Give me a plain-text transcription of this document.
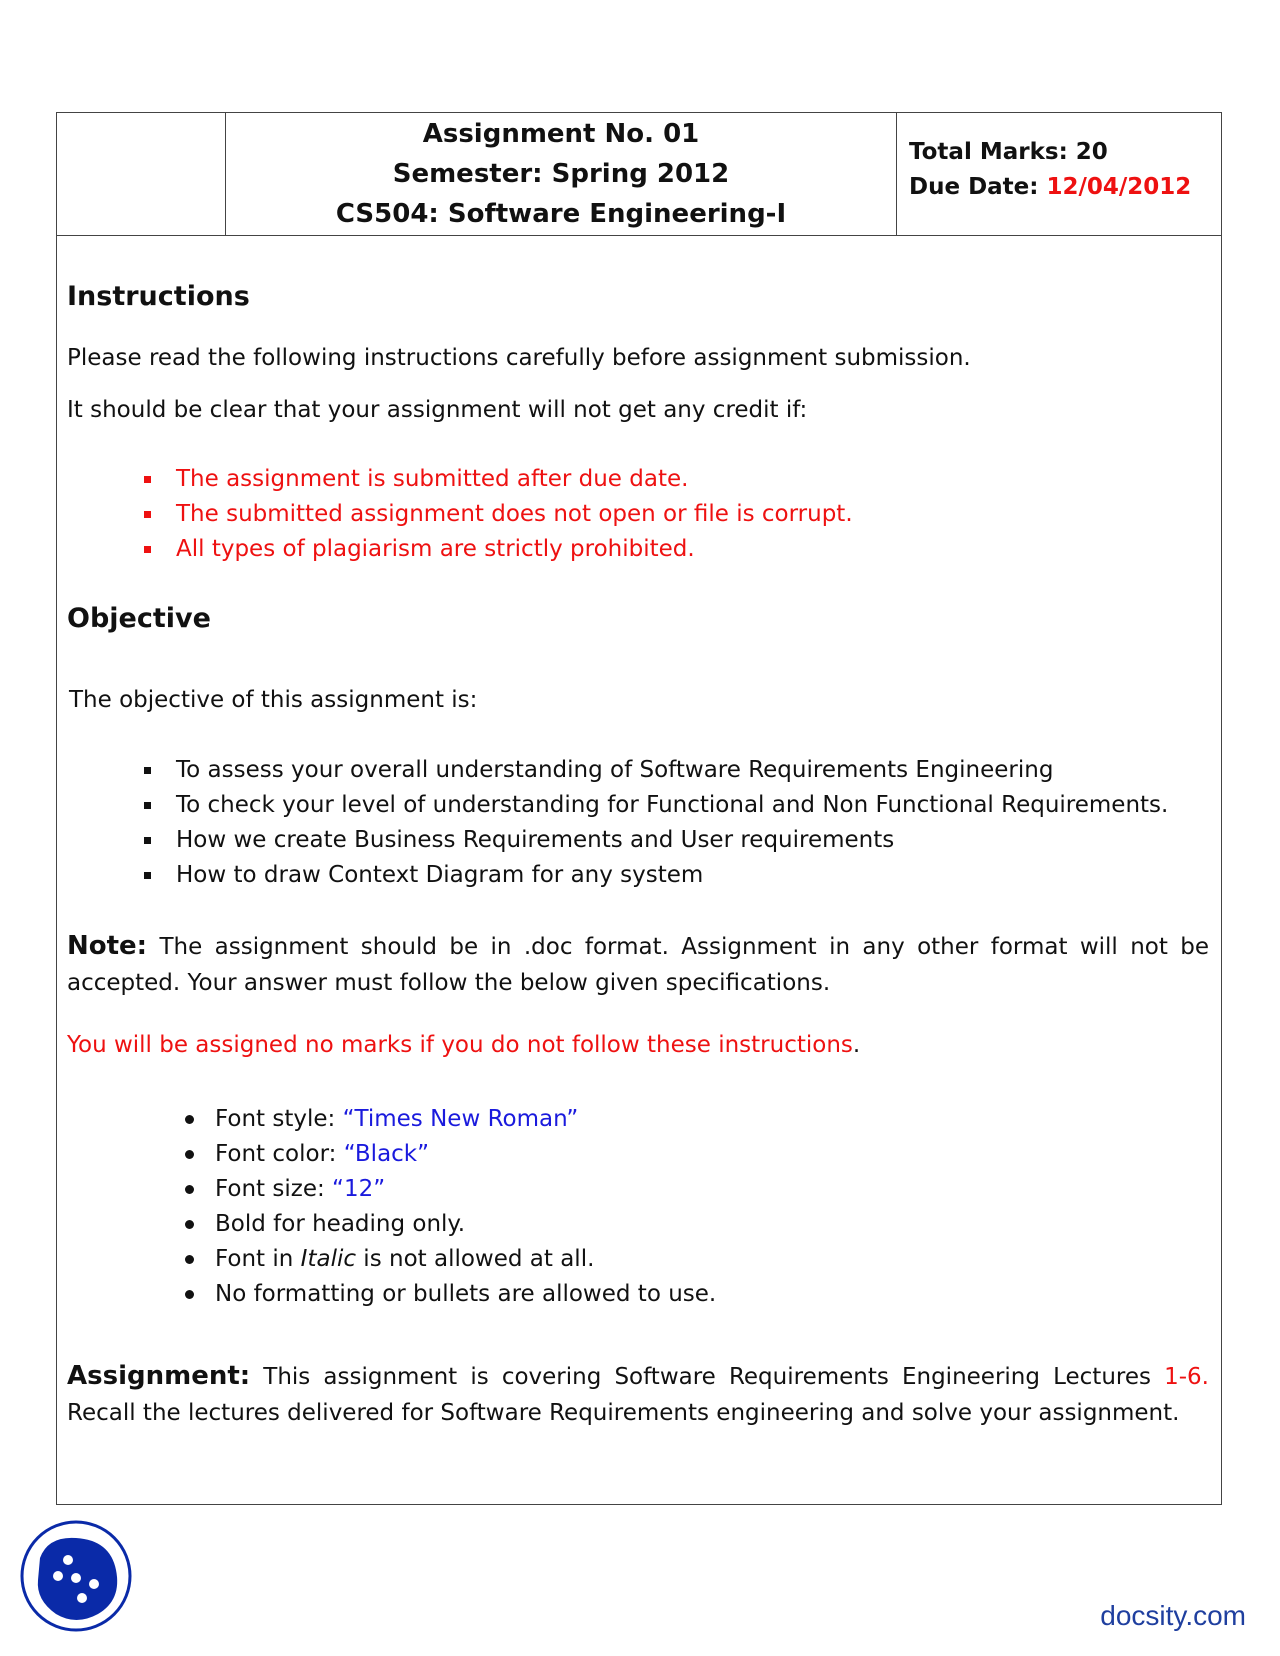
Assignment No. 01
Semester: Spring 2012
CS504: Software Engineering-I
Total Marks: 20
Due Date: 12/04/2012
Instructions
Please read the following instructions carefully before assignment submission.
It should be clear that your assignment will not get any credit if:
The assignment is submitted after due date.
The submitted assignment does not open or file is corrupt.
All types of plagiarism are strictly prohibited.
Objective
The objective of this assignment is:
To assess your overall understanding of Software Requirements Engineering
To check your level of understanding for Functional and Non Functional Requirements.
How we create Business Requirements and User requirements
How to draw Context Diagram for any system
Note: The assignment should be in .doc format. Assignment in any other format will not be
accepted. Your answer must follow the below given specifications.
You will be assigned no marks if you do not follow these instructions.
Font style: “Times New Roman”
Font color: “Black”
Font size: “12”
Bold for heading only.
Font in Italic is not allowed at all.
No formatting or bullets are allowed to use.
Assignment: This assignment is covering Software Requirements Engineering Lectures 1-6.
Recall the lectures delivered for Software Requirements engineering and solve your assignment.
docsity.com
